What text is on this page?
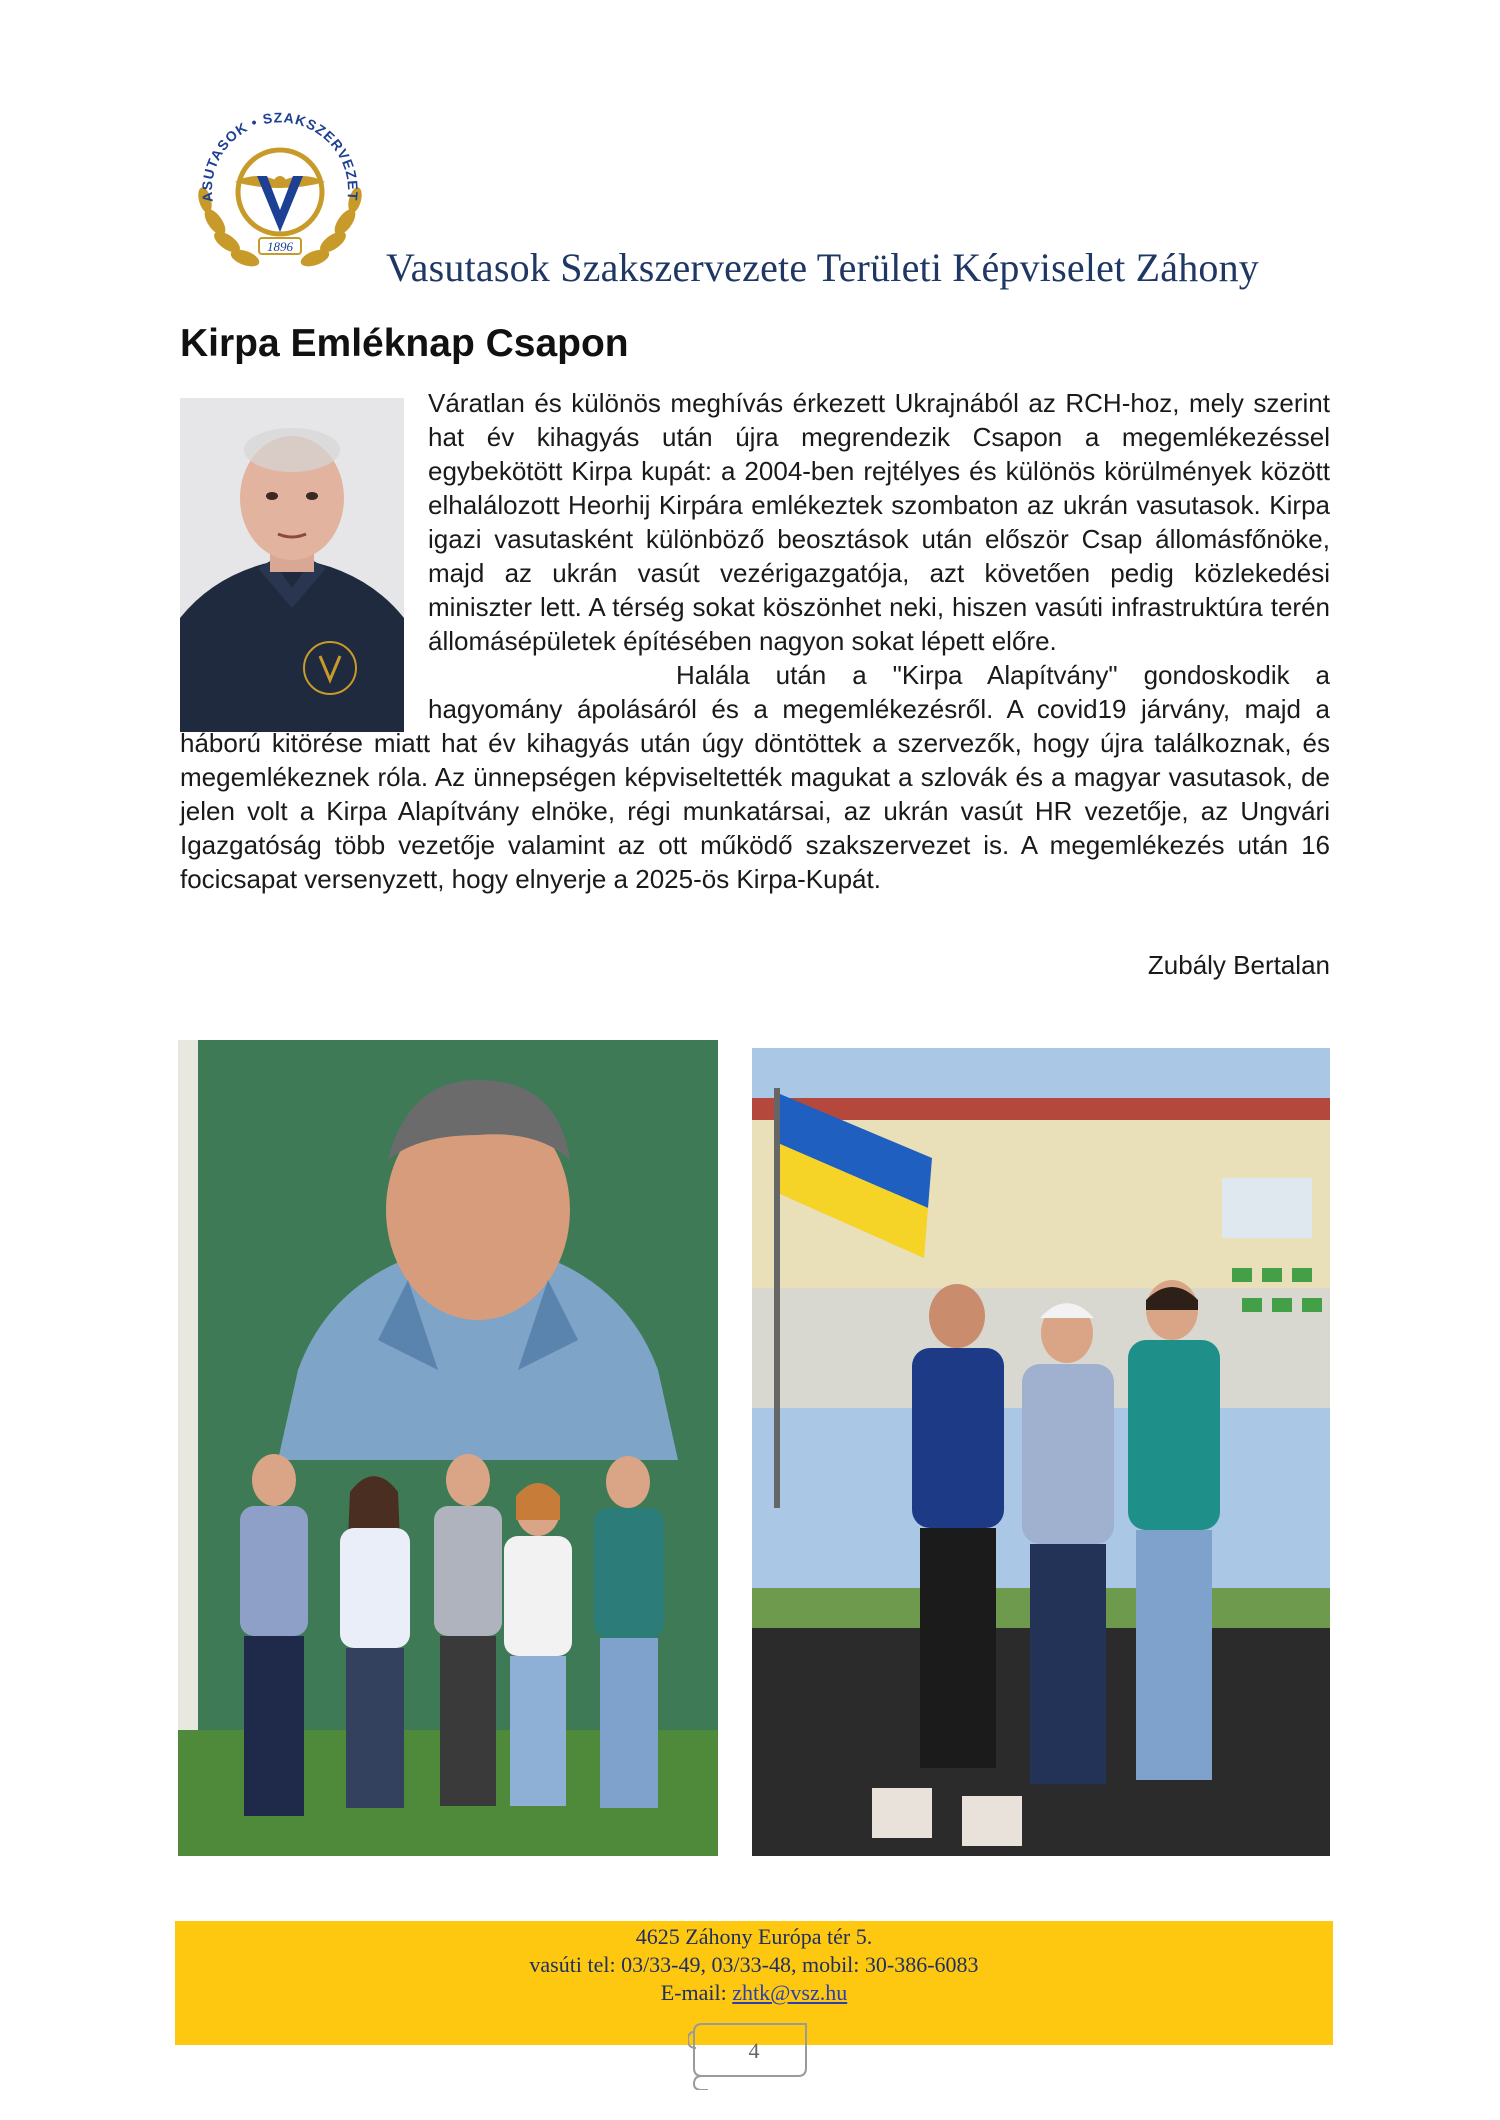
ASUTASOK • SZAKSZERVEZET
1896 Vasutasok Szakszervezete Területi Képviselet Záhony
Kirpa Emléknap Csapon

Váratlan és különös meghívás érkezett Ukrajnából az RCH-hoz, mely szerint hat év kihagyás után újra megrendezik Csapon a megemlékezéssel egybekötött Kirpa kupát: a 2004-ben rejtélyes és különös körülmények között elhalálozott Heorhij Kirpára emlékeztek szombaton az ukrán vasutasok. Kirpa igazi vasutasként különböző beosztások után először Csap állomásfőnöke, majd az ukrán vasút vezérigazgatója, azt követően pedig közlekedési miniszter lett. A térség sokat köszönhet neki, hiszen vasúti infrastruktúra terén állomásépületek építésében nagyon sokat lépett előre.

Halála után a "Kirpa Alapítvány" gondoskodik a hagyomány ápolásáról és a megemlékezésről. A covid19 járvány, majd a háború kitörése miatt hat év kihagyás után úgy döntöttek a szervezők, hogy újra találkoznak, és megemlékeznek róla. Az ünnepségen képviseltették magukat a szlovák és a magyar vasutasok, de jelen volt a Kirpa Alapítvány elnöke, régi munkatársai, az ukrán vasút HR vezetője, az Ungvári Igazgatóság több vezetője valamint az ott működő szakszervezet is. A megemlékezés után 16 focicsapat versenyzett, hogy elnyerje a 2025-ös Kirpa-Kupát.

Zubály Bertalan
4625 Záhony Európa tér 5.
vasúti tel: 03/33-49, 03/33-48, mobil: 30-386-6083
E-mail: zhtk@vsz.hu
4
